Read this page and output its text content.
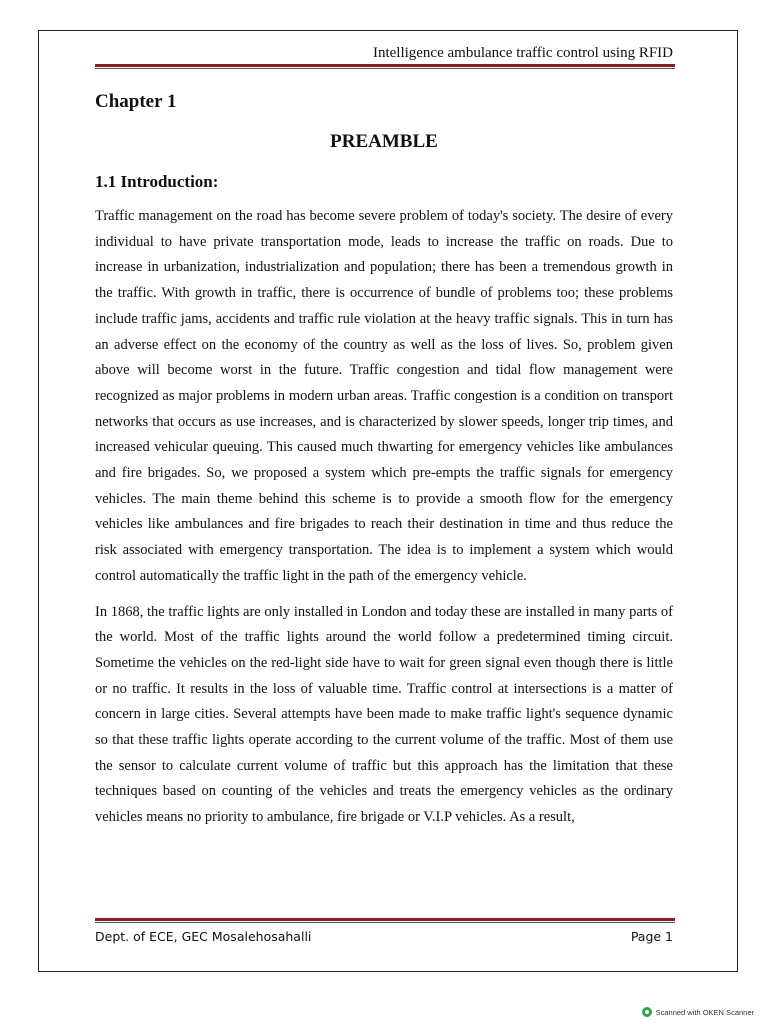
Intelligence ambulance traffic control using RFID
Chapter 1
PREAMBLE
1.1 Introduction:

Traffic management on the road has become severe problem of today's society. The desire of every individual to have private transportation mode, leads to increase the traffic on roads. Due to increase in urbanization, industrialization and population; there has been a tremendous growth in the traffic. With growth in traffic, there is occurrence of bundle of problems too; these problems include traffic jams, accidents and traffic rule violation at the heavy traffic signals. This in turn has an adverse effect on the economy of the country as well as the loss of lives. So, problem given above will become worst in the future. Traffic congestion and tidal flow management were recognized as major problems in modern urban areas. Traffic congestion is a condition on transport networks that occurs as use increases, and is characterized by slower speeds, longer trip times, and increased vehicular queuing. This caused much thwarting for emergency vehicles like ambulances and fire brigades. So, we proposed a system which pre-empts the traffic signals for emergency vehicles. The main theme behind this scheme is to provide a smooth flow for the emergency vehicles like ambulances and fire brigades to reach their destination in time and thus reduce the risk associated with emergency transportation. The idea is to implement a system which would control automatically the traffic light in the path of the emergency vehicle.

In 1868, the traffic lights are only installed in London and today these are installed in many parts of the world. Most of the traffic lights around the world follow a predetermined timing circuit. Sometime the vehicles on the red-light side have to wait for green signal even though there is little or no traffic. It results in the loss of valuable time. Traffic control at intersections is a matter of concern in large cities. Several attempts have been made to make traffic light's sequence dynamic so that these traffic lights operate according to the current volume of the traffic. Most of them use the sensor to calculate current volume of traffic but this approach has the limitation that these techniques based on counting of the vehicles and treats the emergency vehicles as the ordinary vehicles means no priority to ambulance, fire brigade or V.I.P vehicles. As a result,

Dept. of ECE, GEC Mosalehosahalli	Page 1
Scanned with OKEN Scanner
